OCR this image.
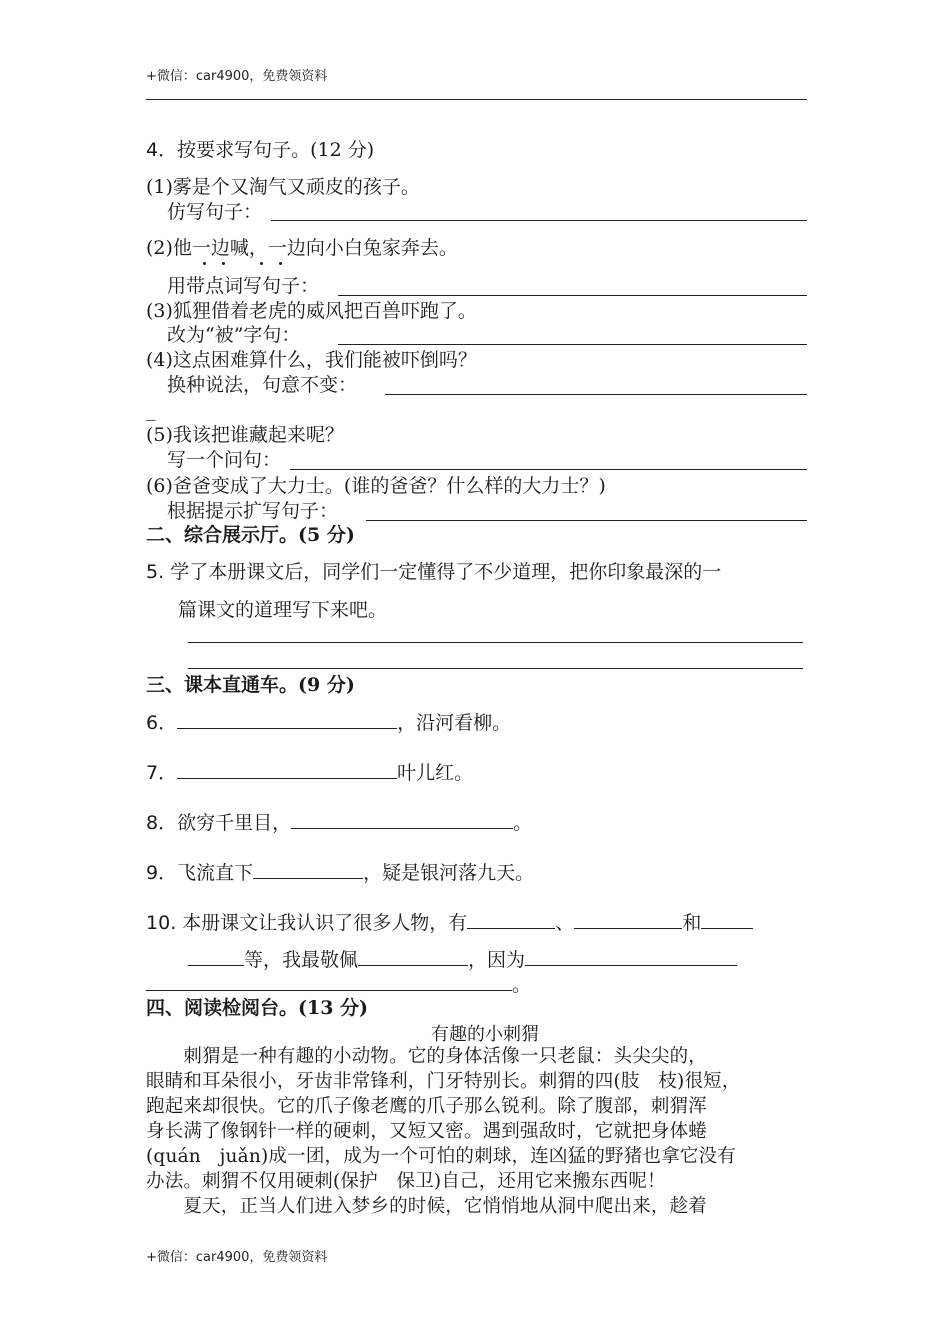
+微信：car4900，免费领资料
4．按要求写句子。(12 分)
(1)雾是个又淘气又顽皮的孩子。
仿写句子：
(2)他一边喊，一边向小白兔家奔去。
用带点词写句子：
(3)狐狸借着老虎的威风把百兽吓跑了。
改为“被”字句：
(4)这点困难算什么，我们能被吓倒吗？
换种说法，句意不变：
_
(5)我该把谁藏起来呢？
写一个问句：
(6)爸爸变成了大力士。(谁的爸爸？什么样的大力士？)
根据提示扩写句子：
二、综合展示厅。(5 分)
5. 学了本册课文后，同学们一定懂得了不少道理，把你印象最深的一
篇课文的道理写下来吧。
三、课本直通车。(9 分)
6．	，沿河看柳。
7．	叶儿红。
8．欲穷千里目，	。
9．飞流直下	，疑是银河落九天。
10. 本册课文让我认识了很多人物，有	、	和
等，我最敬佩	，因为
。
四、阅读检阅台。(13 分)
有趣的小刺猬
　　刺猬是一种有趣的小动物。它的身体活像一只老鼠：头尖尖的，
眼睛和耳朵很小，牙齿非常锋利，门牙特别长。刺猬的四(肢　枝)很短，
跑起来却很快。它的爪子像老鹰的爪子那么锐利。除了腹部，刺猬浑
身长满了像钢针一样的硬刺，又短又密。遇到强敌时，它就把身体蜷
(quán　juǎn)成一团，成为一个可怕的刺球，连凶猛的野猪也拿它没有
办法。刺猬不仅用硬刺(保护　保卫)自己，还用它来搬东西呢！
　　夏天，正当人们进入梦乡的时候，它悄悄地从洞中爬出来，趁着
+微信：car4900，免费领资料
